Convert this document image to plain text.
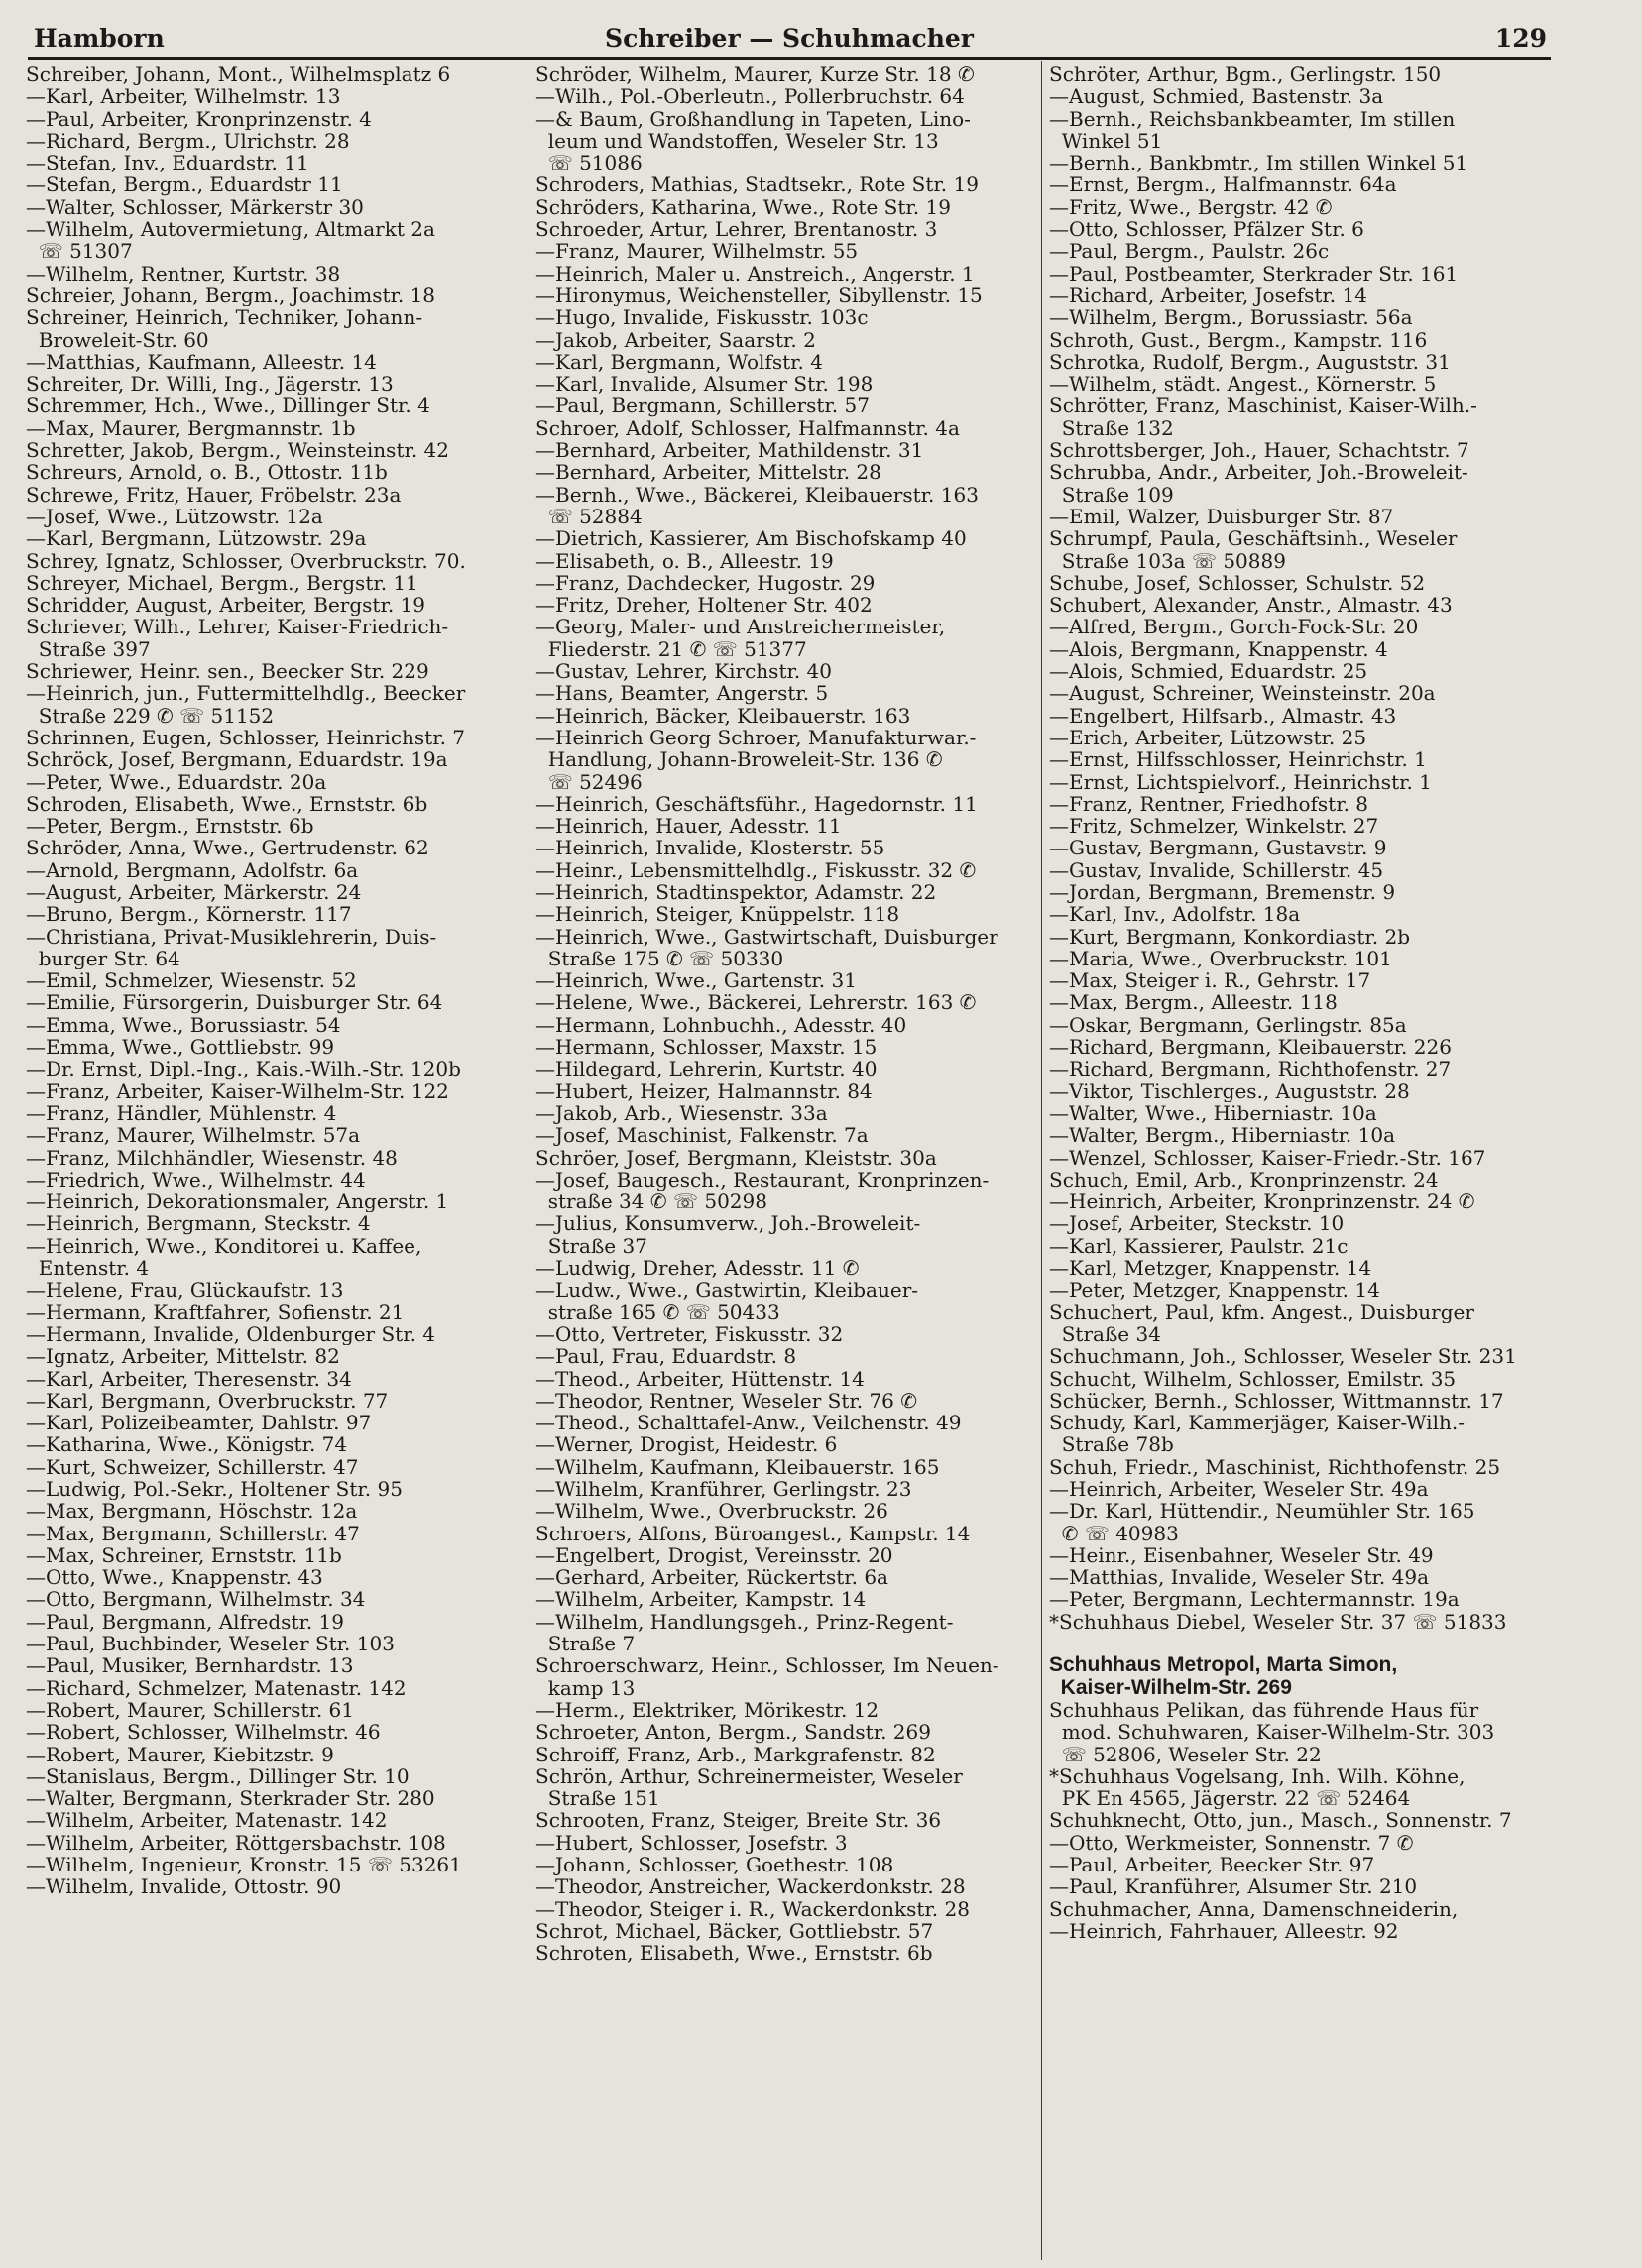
Hamborn	Schreiber — Schuhmacher	129
Schreiber, Johann, Mont., Wilhelmsplatz 6
—Karl, Arbeiter, Wilhelmstr. 13
—Paul, Arbeiter, Kronprinzenstr. 4
—Richard, Bergm., Ulrichstr. 28
—Stefan, Inv., Eduardstr. 11
—Stefan, Bergm., Eduardstr 11
—Walter, Schlosser, Märkerstr 30
—Wilhelm, Autovermietung, Altmarkt 2a
☏ 51307
—Wilhelm, Rentner, Kurtstr. 38
Schreier, Johann, Bergm., Joachimstr. 18
Schreiner, Heinrich, Techniker, Johann-
Broweleit-Str. 60
—Matthias, Kaufmann, Alleestr. 14
Schreiter, Dr. Willi, Ing., Jägerstr. 13
Schremmer, Hch., Wwe., Dillinger Str. 4
—Max, Maurer, Bergmannstr. 1b
Schretter, Jakob, Bergm., Weinsteinstr. 42
Schreurs, Arnold, o. B., Ottostr. 11b
Schrewe, Fritz, Hauer, Fröbelstr. 23a
—Josef, Wwe., Lützowstr. 12a
—Karl, Bergmann, Lützowstr. 29a
Schrey, Ignatz, Schlosser, Overbruckstr. 70.
Schreyer, Michael, Bergm., Bergstr. 11
Schridder, August, Arbeiter, Bergstr. 19
Schriever, Wilh., Lehrer, Kaiser-Friedrich-
Straße 397
Schriewer, Heinr. sen., Beecker Str. 229
—Heinrich, jun., Futtermittelhdlg., Beecker
Straße 229 ✆ ☏ 51152
Schrinnen, Eugen, Schlosser, Heinrichstr. 7
Schröck, Josef, Bergmann, Eduardstr. 19a
—Peter, Wwe., Eduardstr. 20a
Schroden, Elisabeth, Wwe., Ernststr. 6b
—Peter, Bergm., Ernststr. 6b
Schröder, Anna, Wwe., Gertrudenstr. 62
—Arnold, Bergmann, Adolfstr. 6a
—August, Arbeiter, Märkerstr. 24
—Bruno, Bergm., Körnerstr. 117
—Christiana, Privat-Musiklehrerin, Duis-
burger Str. 64
—Emil, Schmelzer, Wiesenstr. 52
—Emilie, Fürsorgerin, Duisburger Str. 64
—Emma, Wwe., Borussiastr. 54
—Emma, Wwe., Gottliebstr. 99
—Dr. Ernst, Dipl.-Ing., Kais.-Wilh.-Str. 120b
—Franz, Arbeiter, Kaiser-Wilhelm-Str. 122
—Franz, Händler, Mühlenstr. 4
—Franz, Maurer, Wilhelmstr. 57a
—Franz, Milchhändler, Wiesenstr. 48
—Friedrich, Wwe., Wilhelmstr. 44
—Heinrich, Dekorationsmaler, Angerstr. 1
—Heinrich, Bergmann, Steckstr. 4
—Heinrich, Wwe., Konditorei u. Kaffee,
Entenstr. 4
—Helene, Frau, Glückaufstr. 13
—Hermann, Kraftfahrer, Sofienstr. 21
—Hermann, Invalide, Oldenburger Str. 4
—Ignatz, Arbeiter, Mittelstr. 82
—Karl, Arbeiter, Theresenstr. 34
—Karl, Bergmann, Overbruckstr. 77
—Karl, Polizeibeamter, Dahlstr. 97
—Katharina, Wwe., Königstr. 74
—Kurt, Schweizer, Schillerstr. 47
—Ludwig, Pol.-Sekr., Holtener Str. 95
—Max, Bergmann, Höschstr. 12a
—Max, Bergmann, Schillerstr. 47
—Max, Schreiner, Ernststr. 11b
—Otto, Wwe., Knappenstr. 43
—Otto, Bergmann, Wilhelmstr. 34
—Paul, Bergmann, Alfredstr. 19
—Paul, Buchbinder, Weseler Str. 103
—Paul, Musiker, Bernhardstr. 13
—Richard, Schmelzer, Matenastr. 142
—Robert, Maurer, Schillerstr. 61
—Robert, Schlosser, Wilhelmstr. 46
—Robert, Maurer, Kiebitzstr. 9
—Stanislaus, Bergm., Dillinger Str. 10
—Walter, Bergmann, Sterkrader Str. 280
—Wilhelm, Arbeiter, Matenastr. 142
—Wilhelm, Arbeiter, Röttgersbachstr. 108
—Wilhelm, Ingenieur, Kronstr. 15 ☏ 53261
—Wilhelm, Invalide, Ottostr. 90
Schröder, Wilhelm, Maurer, Kurze Str. 18 ✆
—Wilh., Pol.-Oberleutn., Pollerbruchstr. 64
—& Baum, Großhandlung in Tapeten, Lino-
leum und Wandstoffen, Weseler Str. 13
☏ 51086
Schroders, Mathias, Stadtsekr., Rote Str. 19
Schröders, Katharina, Wwe., Rote Str. 19
Schroeder, Artur, Lehrer, Brentanostr. 3
—Franz, Maurer, Wilhelmstr. 55
—Heinrich, Maler u. Anstreich., Angerstr. 1
—Hironymus, Weichensteller, Sibyllenstr. 15
—Hugo, Invalide, Fiskusstr. 103c
—Jakob, Arbeiter, Saarstr. 2
—Karl, Bergmann, Wolfstr. 4
—Karl, Invalide, Alsumer Str. 198
—Paul, Bergmann, Schillerstr. 57
Schroer, Adolf, Schlosser, Halfmannstr. 4a
—Bernhard, Arbeiter, Mathildenstr. 31
—Bernhard, Arbeiter, Mittelstr. 28
—Bernh., Wwe., Bäckerei, Kleibauerstr. 163
☏ 52884
—Dietrich, Kassierer, Am Bischofskamp 40
—Elisabeth, o. B., Alleestr. 19
—Franz, Dachdecker, Hugostr. 29
—Fritz, Dreher, Holtener Str. 402
—Georg, Maler- und Anstreichermeister,
Fliederstr. 21 ✆ ☏ 51377
—Gustav, Lehrer, Kirchstr. 40
—Hans, Beamter, Angerstr. 5
—Heinrich, Bäcker, Kleibauerstr. 163
—Heinrich Georg Schroer, Manufakturwar.-
Handlung, Johann-Broweleit-Str. 136 ✆
☏ 52496
—Heinrich, Geschäftsführ., Hagedornstr. 11
—Heinrich, Hauer, Adesstr. 11
—Heinrich, Invalide, Klosterstr. 55
—Heinr., Lebensmittelhdlg., Fiskusstr. 32 ✆
—Heinrich, Stadtinspektor, Adamstr. 22
—Heinrich, Steiger, Knüppelstr. 118
—Heinrich, Wwe., Gastwirtschaft, Duisburger
Straße 175 ✆ ☏ 50330
—Heinrich, Wwe., Gartenstr. 31
—Helene, Wwe., Bäckerei, Lehrerstr. 163 ✆
—Hermann, Lohnbuchh., Adesstr. 40
—Hermann, Schlosser, Maxstr. 15
—Hildegard, Lehrerin, Kurtstr. 40
—Hubert, Heizer, Halmannstr. 84
—Jakob, Arb., Wiesenstr. 33a
—Josef, Maschinist, Falkenstr. 7a
Schröer, Josef, Bergmann, Kleiststr. 30a
—Josef, Baugesch., Restaurant, Kronprinzen-
straße 34 ✆ ☏ 50298
—Julius, Konsumverw., Joh.-Broweleit-
Straße 37
—Ludwig, Dreher, Adesstr. 11 ✆
—Ludw., Wwe., Gastwirtin, Kleibauer-
straße 165 ✆ ☏ 50433
—Otto, Vertreter, Fiskusstr. 32
—Paul, Frau, Eduardstr. 8
—Theod., Arbeiter, Hüttenstr. 14
—Theodor, Rentner, Weseler Str. 76 ✆
—Theod., Schalttafel-Anw., Veilchenstr. 49
—Werner, Drogist, Heidestr. 6
—Wilhelm, Kaufmann, Kleibauerstr. 165
—Wilhelm, Kranführer, Gerlingstr. 23
—Wilhelm, Wwe., Overbruckstr. 26
Schroers, Alfons, Büroangest., Kampstr. 14
—Engelbert, Drogist, Vereinsstr. 20
—Gerhard, Arbeiter, Rückertstr. 6a
—Wilhelm, Arbeiter, Kampstr. 14
—Wilhelm, Handlungsgeh., Prinz-Regent-
Straße 7
Schroerschwarz, Heinr., Schlosser, Im Neuen-
kamp 13
—Herm., Elektriker, Mörikestr. 12
Schroeter, Anton, Bergm., Sandstr. 269
Schroiff, Franz, Arb., Markgrafenstr. 82
Schrön, Arthur, Schreinermeister, Weseler
Straße 151
Schrooten, Franz, Steiger, Breite Str. 36
—Hubert, Schlosser, Josefstr. 3
—Johann, Schlosser, Goethestr. 108
—Theodor, Anstreicher, Wackerdonkstr. 28
—Theodor, Steiger i. R., Wackerdonkstr. 28
Schrot, Michael, Bäcker, Gottliebstr. 57
Schroten, Elisabeth, Wwe., Ernststr. 6b
Schröter, Arthur, Bgm., Gerlingstr. 150
—August, Schmied, Bastenstr. 3a
—Bernh., Reichsbankbeamter, Im stillen
Winkel 51
—Bernh., Bankbmtr., Im stillen Winkel 51
—Ernst, Bergm., Halfmannstr. 64a
—Fritz, Wwe., Bergstr. 42 ✆
—Otto, Schlosser, Pfälzer Str. 6
—Paul, Bergm., Paulstr. 26c
—Paul, Postbeamter, Sterkrader Str. 161
—Richard, Arbeiter, Josefstr. 14
—Wilhelm, Bergm., Borussiastr. 56a
Schroth, Gust., Bergm., Kampstr. 116
Schrotka, Rudolf, Bergm., Auguststr. 31
—Wilhelm, städt. Angest., Körnerstr. 5
Schrötter, Franz, Maschinist, Kaiser-Wilh.-
Straße 132
Schrottsberger, Joh., Hauer, Schachtstr. 7
Schrubba, Andr., Arbeiter, Joh.-Broweleit-
Straße 109
—Emil, Walzer, Duisburger Str. 87
Schrumpf, Paula, Geschäftsinh., Weseler
Straße 103a ☏ 50889
Schube, Josef, Schlosser, Schulstr. 52
Schubert, Alexander, Anstr., Almastr. 43
—Alfred, Bergm., Gorch-Fock-Str. 20
—Alois, Bergmann, Knappenstr. 4
—Alois, Schmied, Eduardstr. 25
—August, Schreiner, Weinsteinstr. 20a
—Engelbert, Hilfsarb., Almastr. 43
—Erich, Arbeiter, Lützowstr. 25
—Ernst, Hilfsschlosser, Heinrichstr. 1
—Ernst, Lichtspielvorf., Heinrichstr. 1
—Franz, Rentner, Friedhofstr. 8
—Fritz, Schmelzer, Winkelstr. 27
—Gustav, Bergmann, Gustavstr. 9
—Gustav, Invalide, Schillerstr. 45
—Jordan, Bergmann, Bremenstr. 9
—Karl, Inv., Adolfstr. 18a
—Kurt, Bergmann, Konkordiastr. 2b
—Maria, Wwe., Overbruckstr. 101
—Max, Steiger i. R., Gehrstr. 17
—Max, Bergm., Alleestr. 118
—Oskar, Bergmann, Gerlingstr. 85a
—Richard, Bergmann, Kleibauerstr. 226
—Richard, Bergmann, Richthofenstr. 27
—Viktor, Tischlerges., Auguststr. 28
—Walter, Wwe., Hiberniastr. 10a
—Walter, Bergm., Hiberniastr. 10a
—Wenzel, Schlosser, Kaiser-Friedr.-Str. 167
Schuch, Emil, Arb., Kronprinzenstr. 24
—Heinrich, Arbeiter, Kronprinzenstr. 24 ✆
—Josef, Arbeiter, Steckstr. 10
—Karl, Kassierer, Paulstr. 21c
—Karl, Metzger, Knappenstr. 14
—Peter, Metzger, Knappenstr. 14
Schuchert, Paul, kfm. Angest., Duisburger
Straße 34
Schuchmann, Joh., Schlosser, Weseler Str. 231
Schucht, Wilhelm, Schlosser, Emilstr. 35
Schücker, Bernh., Schlosser, Wittmannstr. 17
Schudy, Karl, Kammerjäger, Kaiser-Wilh.-
Straße 78b
Schuh, Friedr., Maschinist, Richthofenstr. 25
—Heinrich, Arbeiter, Weseler Str. 49a
—Dr. Karl, Hüttendir., Neumühler Str. 165
✆ ☏ 40983
—Heinr., Eisenbahner, Weseler Str. 49
—Matthias, Invalide, Weseler Str. 49a
—Peter, Bergmann, Lechtermannstr. 19a
*Schuhhaus Diebel, Weseler Str. 37 ☏ 51833
Schuhhaus Metropol, Marta Simon,
Kaiser-Wilhelm-Str. 269
Schuhhaus Pelikan, das führende Haus für
mod. Schuhwaren, Kaiser-Wilhelm-Str. 303
☏ 52806, Weseler Str. 22
*Schuhhaus Vogelsang, Inh. Wilh. Köhne,
PK En 4565, Jägerstr. 22 ☏ 52464
Schuhknecht, Otto, jun., Masch., Sonnenstr. 7
—Otto, Werkmeister, Sonnenstr. 7 ✆
—Paul, Arbeiter, Beecker Str. 97
—Paul, Kranführer, Alsumer Str. 210
Schuhmacher, Anna, Damenschneiderin,
—Heinrich, Fahrhauer, Alleestr. 92
